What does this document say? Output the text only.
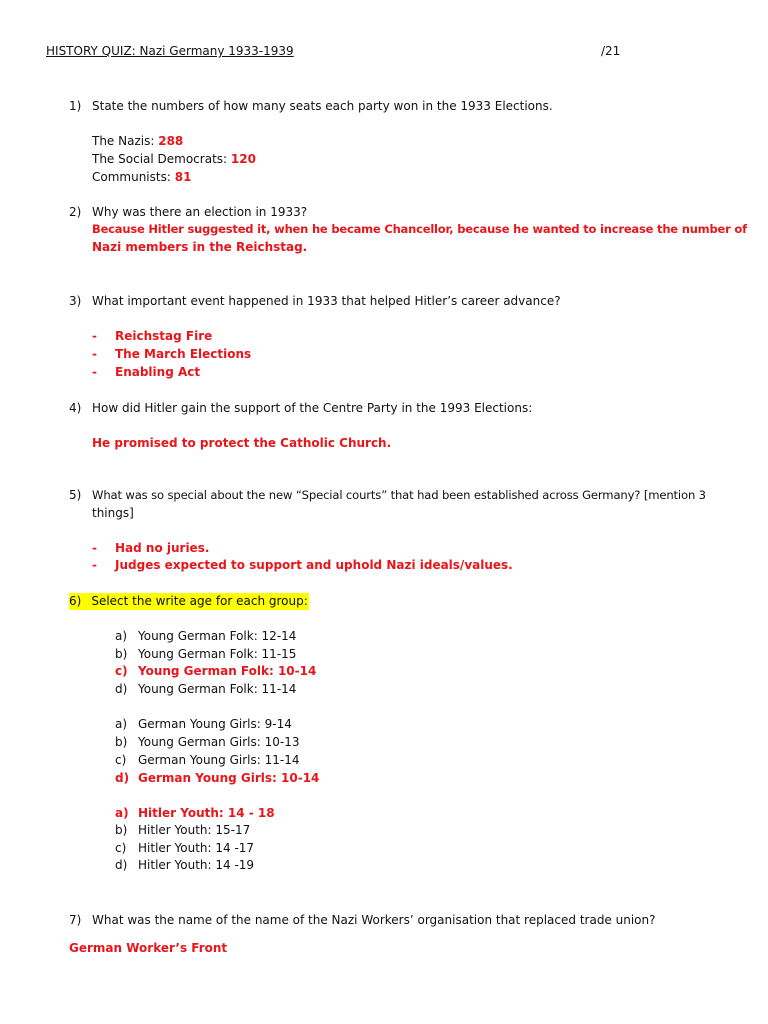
HISTORY QUIZ: Nazi Germany 1933-1939	/21
1) State the numbers of how many seats each party won in the 1933 Elections.
The Nazis: 288
The Social Democrats: 120
Communists: 81
2) Why was there an election in 1933?
Because Hitler suggested it, when he became Chancellor, because he wanted to increase the number of
Nazi members in the Reichstag.
3) What important event happened in 1933 that helped Hitler’s career advance?
- Reichstag Fire
- The March Elections
- Enabling Act
4) How did Hitler gain the support of the Centre Party in the 1993 Elections:
He promised to protect the Catholic Church.
5) What was so special about the new “Special courts” that had been established across Germany? [mention 3
things]
- Had no juries.
- Judges expected to support and uphold Nazi ideals/values.
6) Select the write age for each group:
a) Young German Folk: 12-14
b) Young German Folk: 11-15
c) Young German Folk: 10-14
d) Young German Folk: 11-14
a) German Young Girls: 9-14
b) Young German Girls: 10-13
c) German Young Girls: 11-14
d) German Young Girls: 10-14
a) Hitler Youth: 14 - 18
b) Hitler Youth: 15-17
c) Hitler Youth: 14 -17
d) Hitler Youth: 14 -19
7) What was the name of the name of the Nazi Workers’ organisation that replaced trade union?
German Worker’s Front
